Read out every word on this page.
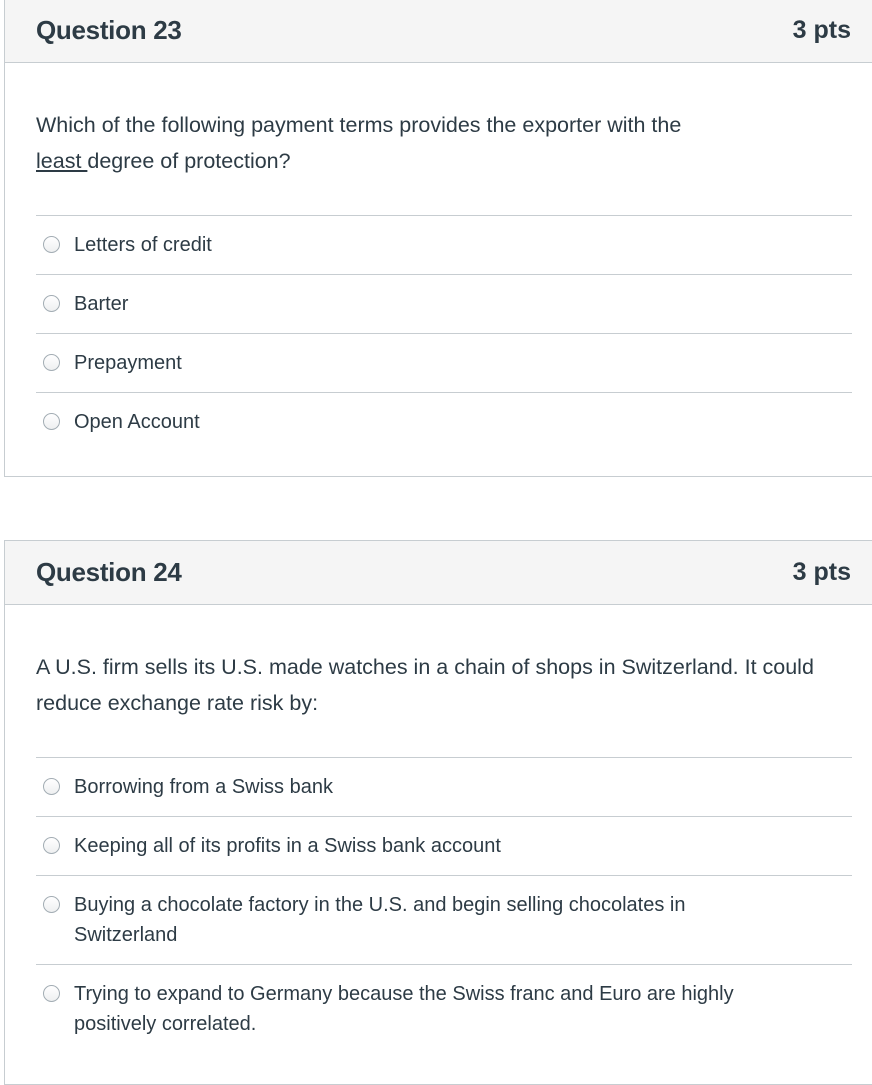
Question 23	3 pts

Which of the following payment terms provides the exporter with the
least degree of protection?

Letters of credit
Barter
Prepayment
Open Account
Question 24	3 pts

A U.S. firm sells its U.S. made watches in a chain of shops in Switzerland. It could reduce exchange rate risk by:

Borrowing from a Swiss bank
Keeping all of its profits in a Swiss bank account
Buying a chocolate factory in the U.S. and begin selling chocolates in Switzerland
Trying to expand to Germany because the Swiss franc and Euro are highly positively correlated.
